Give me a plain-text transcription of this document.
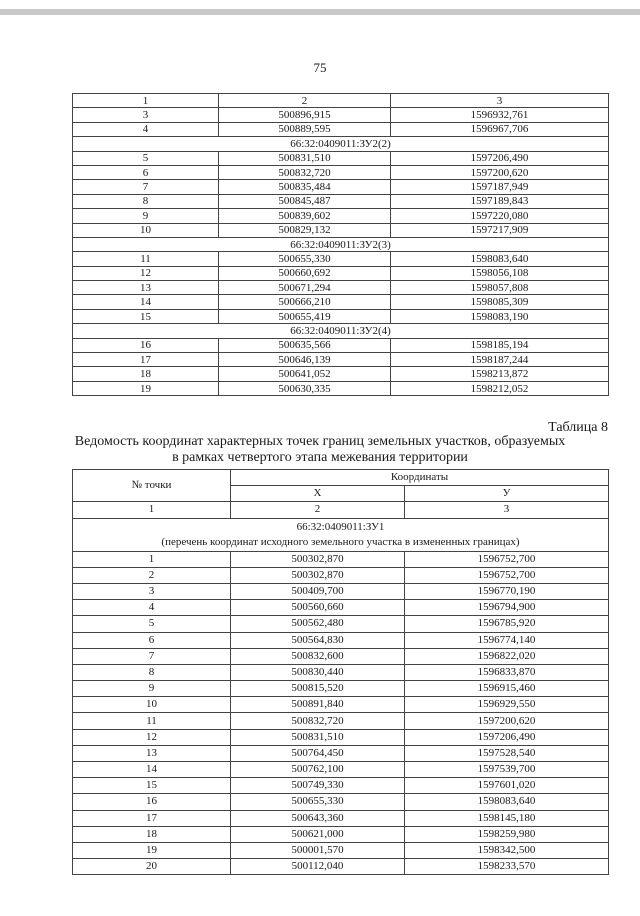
75
1	2	3
3	500896,915	1596932,761
4	500889,595	1596967,706
66:32:0409011:ЗУ2(2)		
5	500831,510	1597206,490
6	500832,720	1597200,620
7	500835,484	1597187,949
8	500845,487	1597189,843
9	500839,602	1597220,080
10	500829,132	1597217,909
66:32:0409011:ЗУ2(3)		
11	500655,330	1598083,640
12	500660,692	1598056,108
13	500671,294	1598057,808
14	500666,210	1598085,309
15	500655,419	1598083,190
66:32:0409011:ЗУ2(4)		
16	500635,566	1598185,194
17	500646,139	1598187,244
18	500641,052	1598213,872
19	500630,335	1598212,052
Таблица 8
Ведомость координат характерных точек границ земельных участков, образуемых
в рамках четвертого этапа межевания территории
№ точки	Координаты	
	Х	У
1	2	3

66:32:0409011:ЗУ1
(перечень координат исходного земельного участка в измененных границах)		

1	500302,870	1596752,700
2	500302,870	1596752,700
3	500409,700	1596770,190
4	500560,660	1596794,900
5	500562,480	1596785,920
6	500564,830	1596774,140
7	500832,600	1596822,020
8	500830,440	1596833,870
9	500815,520	1596915,460
10	500891,840	1596929,550
11	500832,720	1597200,620
12	500831,510	1597206,490
13	500764,450	1597528,540
14	500762,100	1597539,700
15	500749,330	1597601,020
16	500655,330	1598083,640
17	500643,360	1598145,180
18	500621,000	1598259,980
19	500001,570	1598342,500
20	500112,040	1598233,570
